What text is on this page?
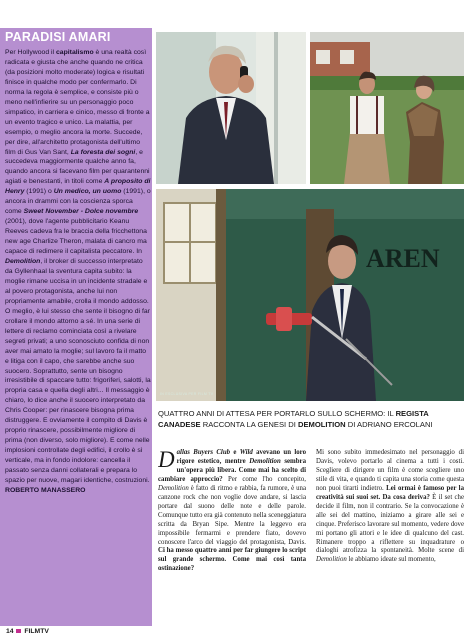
AREN
IN ESCLUSIVA PER FILM TV
PARADISI AMARI
Per Hollywood il capitalismo è una realtà così radicata e giusta che anche quando ne critica (da posizioni molto moderate) logica e risultati finisce in qualche modo per confermarlo. Di norma la regola è semplice, e consiste più o meno nell'infierire su un personaggio poco simpatico, in carriera e cinico, messo di fronte a un evento tragico e unico. La malattia, per esempio, o meglio ancora la morte. Succede, per dire, all'architetto protagonista dell'ultimo film di Gus Van Sant, La foresta dei sogni, e succedeva maggiormente qualche anno fa, quando ancora si facevano film per quarantenni agiati e benestanti, in titoli come A proposito di Henry (1991) o Un medico, un uomo (1991), o ancora in drammi con la coscienza sporca come Sweet November - Dolce novembre (2001), dove l'agente pubblicitario Keanu Reeves cadeva fra le braccia della fricchettona new age Charlize Theron, malata di cancro ma capace di redimere il capitalista peccatore. In Demolition, il broker di successo interpretato da Gyllenhaal la sventura capita subito: la moglie rimane uccisa in un incidente stradale e al povero protagonista, anche lui non propriamente amabile, crolla il mondo addosso.
O meglio, è lui stesso che sente il bisogno di far crollare il mondo attorno a sé. In una serie di lettere di reclamo cominciata così a rivelare segreti privati; a uno sconosciuto confida di non aver mai amato la moglie; sul lavoro fa il matto e litiga con il capo, che sarebbe anche suo suocero. Soprattutto, sente un bisogno irresistibile di spaccare tutto: frigoriferi, salotti, la propria casa e quella degli altri... Il messaggio è chiaro, lo dice anche il suocero interpretato da Chris Cooper: per rinascere bisogna prima distruggere. E ovviamente il compito di Davis è proprio rinascere, possibilmente migliore di prima (non diverso, solo migliore). E come nelle implosioni controllate degli edifici, il crollo è sì verticale, ma in fondo indolore: cancella il passato senza danni collaterali e prepara lo spazio per nuove, magari identiche, costruzioni. ROBERTO MANASSERO
QUATTRO ANNI DI ATTESA PER PORTARLO SULLO SCHERMO: IL REGISTA CANADESE RACCONTA LA GENESI DI DEMOLITION DI ADRIANO ERCOLANI
Dallas Buyers Club e Wild avevano un loro rigore estetico, mentre Demolition sembra un'opera più libera. Come mai ha scelto di cambiare approccio? Per come l'ho concepito, Demolition è fatto di ritmo e rabbia, fa rumore, è una canzone rock che non voglie dove andare, si lascia portare dal suono delle note e delle parole. Comunque tutto era già contenuto nella sceneggiatura scritta da Bryan Sipe. Mentre la leggevo era impossibile fermarmi e prendere fiato, dovevo conoscere l'arco del viaggio del protagonista, Davis. Ci ha messo quattro anni per far giungere lo script sul grande schermo. Come mai così tanta ostinazione?
Mi sono subito immedesimato nel personaggio di Davis, volevo portarlo al cinema a tutti i costi. Scegliere di dirigere un film è come scegliere uno stile di vita, e quando ti capita una storia come questa non puoi tirarti indietro. Lei ormai è famoso per la creatività sui suoi set. Da cosa deriva? È il set che decide il film, non il contrario. Se la convocazione è alle sei del mattino, iniziamo a girare alle sei e cinque. Preferisco lavorare sul momento, vedere dove mi portano gli attori e le idee di qualcuno del cast. Rimanere troppo a riflettere su inquadrature o dialoghi atrofizza la spontaneità. Molte scene di Demolition le abbiamo ideate sul momento,
14 FILMTV
